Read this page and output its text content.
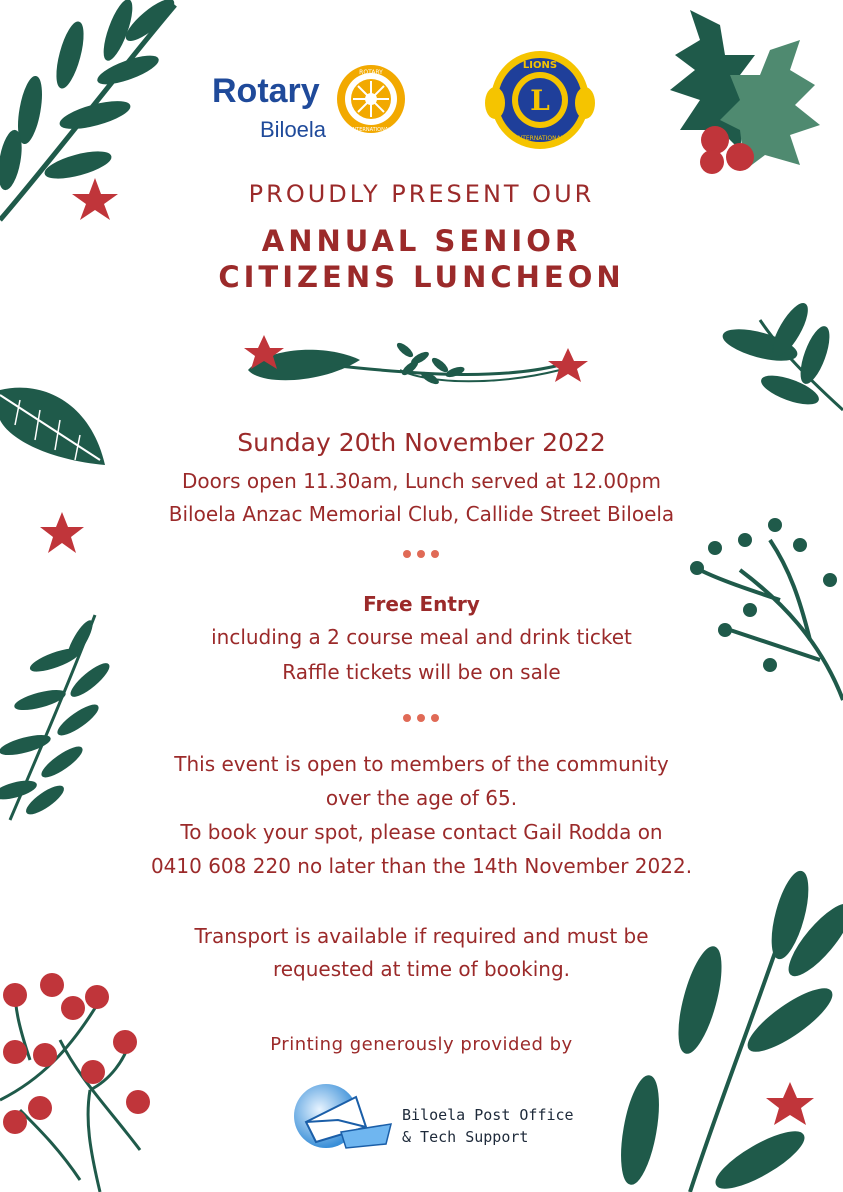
Rotary
Biloela
ROTARY
INTERNATIONAL
L
LIONS
INTERNATIONAL
PROUDLY PRESENT OUR
ANNUAL SENIOR
CITIZENS LUNCHEON
Sunday 20th November 2022
Doors open 11.30am, Lunch served at 12.00pm
Biloela Anzac Memorial Club, Callide Street Biloela
Free Entry
including a 2 course meal and drink ticket
Raffle tickets will be on sale
This event is open to members of the community
over the age of 65.
To book your spot, please contact Gail Rodda on
0410 608 220 no later than the 14th November 2022.
Transport is available if required and must be
requested at time of booking.
Printing generously provided by
Biloela Post Office
& Tech Support
